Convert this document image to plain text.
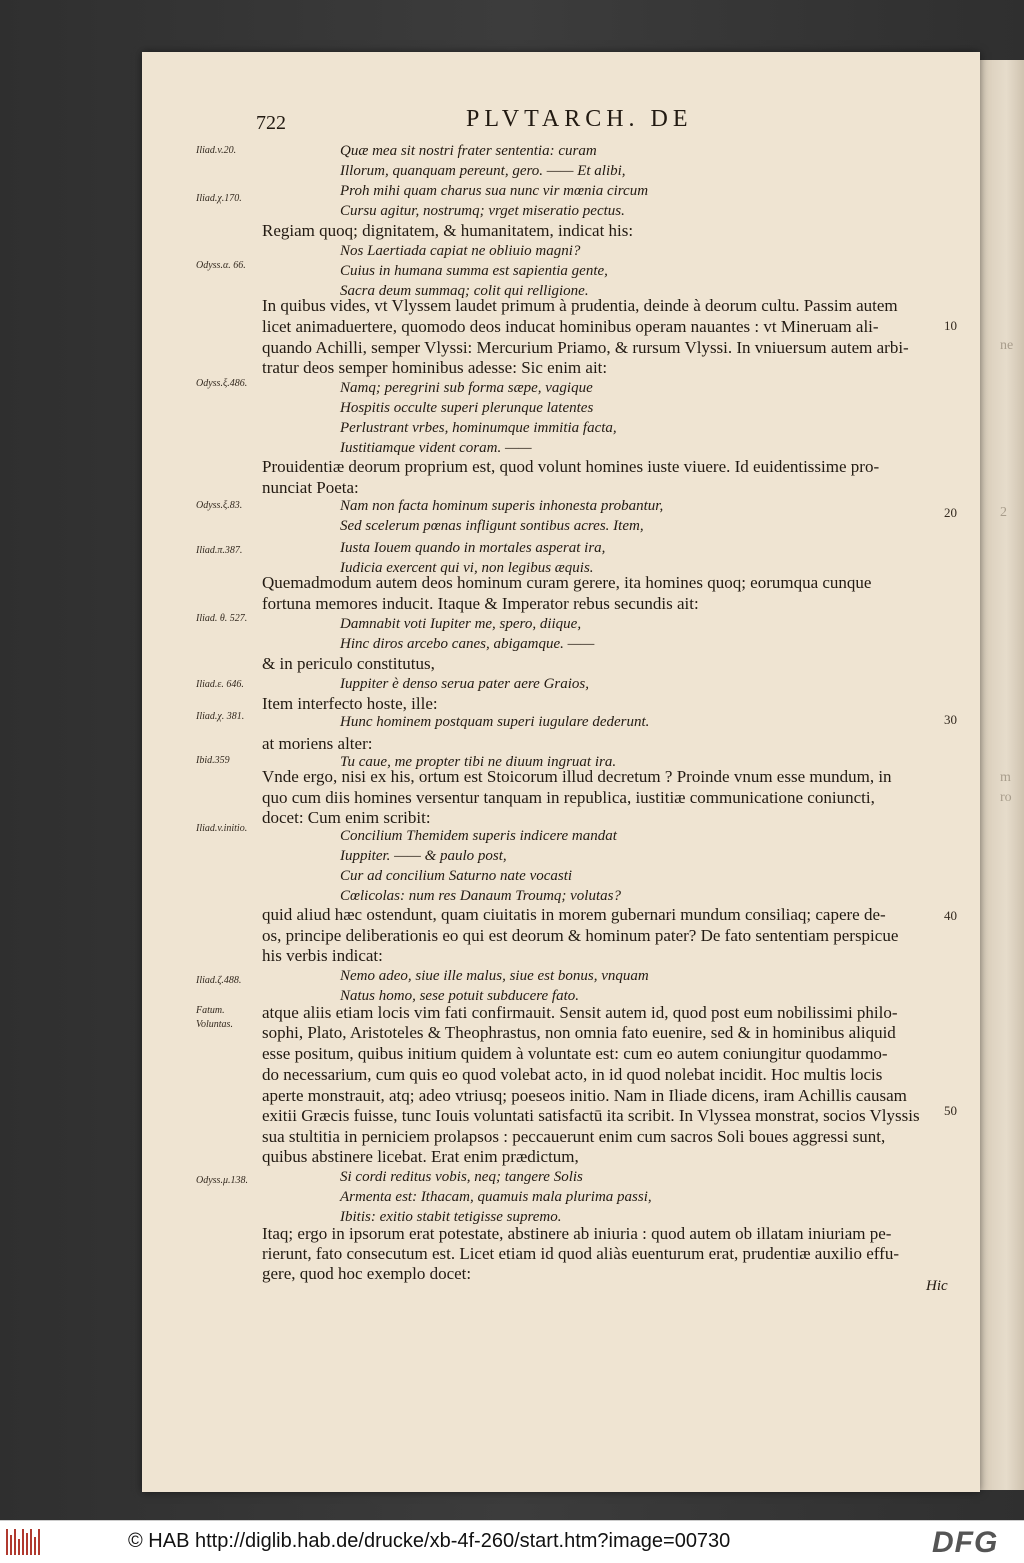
722	PLVTARCH. DE
Quæ mea sit nostri frater sententia: curam
Illorum, quanquam pereunt, gero. —— Et alibi,
Proh mihi quam charus sua nunc vir mœnia circum
Cursu agitur, nostrumq; vrget miseratio pectus.
Regiam quoq; dignitatem, & humanitatem, indicat his:
Nos Laertiada capiat ne obliuio magni?
Cuius in humana summa est sapientia gente,
Sacra deum summaq; colit qui relligione.
In quibus vides, vt Vlyssem laudet primum à prudentia, deinde à deorum cultu. Passim autem
licet animaduertere, quomodo deos inducat hominibus operam nauantes : vt Mineruam ali-
quando Achilli, semper Vlyssi: Mercurium Priamo, & rursum Vlyssi. In vniuersum autem arbi-
tratur deos semper hominibus adesse: Sic enim ait:
Namq; peregrini sub forma sæpe, vagique
Hospitis occulte superi plerunque latentes
Perlustrant vrbes, hominumque immitia facta,
Iustitiamque vident coram. ——
Prouidentiæ deorum proprium est, quod volunt homines iuste viuere. Id euidentissime pro-
nunciat Poeta:
Nam non facta hominum superis inhonesta probantur,
Sed scelerum pœnas infligunt sontibus acres. Item,
Iusta Iouem quando in mortales asperat ira,
Iudicia exercent qui vi, non legibus æquis.
Quemadmodum autem deos hominum curam gerere, ita homines quoq; eorumqua cunque
fortuna memores inducit. Itaque & Imperator rebus secundis ait:
Damnabit voti Iupiter me, spero, diique,
Hinc diros arcebo canes, abigamque. ——
& in periculo constitutus,
Iuppiter è denso serua pater aere Graios,
Item interfecto hoste, ille:
Hunc hominem postquam superi iugulare dederunt.
at moriens alter:
Tu caue, me propter tibi ne diuum ingruat ira.
Vnde ergo, nisi ex his, ortum est Stoicorum illud decretum ? Proinde vnum esse mundum, in
quo cum diis homines versentur tanquam in republica, iustitiæ communicatione coniuncti,
docet: Cum enim scribit:
Concilium Themidem superis indicere mandat
Iuppiter. —— & paulo post,
Cur ad concilium Saturno nate vocasti
Cœlicolas: num res Danaum Troumq; volutas?
quid aliud hæc ostendunt, quam ciuitatis in morem gubernari mundum consiliaq; capere de-
os, principe deliberationis eo qui est deorum & hominum pater? De fato sententiam perspicue
his verbis indicat:
Nemo adeo, siue ille malus, siue est bonus, vnquam
Natus homo, sese potuit subducere fato.
atque aliis etiam locis vim fati confirmauit. Sensit autem id, quod post eum nobilissimi philo-
sophi, Plato, Aristoteles & Theophrastus, non omnia fato euenire, sed & in hominibus aliquid
esse positum, quibus initium quidem à voluntate est: cum eo autem coniungitur quodammo-
do necessarium, cum quis eo quod volebat acto, in id quod nolebat incidit. Hoc multis locis
aperte monstrauit, atq; adeo vtriusq; poeseos initio. Nam in Iliade dicens, iram Achillis causam
exitii Græcis fuisse, tunc Iouis voluntati satisfactū ita scribit. In Vlyssea monstrat, socios Vlyssis
sua stultitia in perniciem prolapsos : peccauerunt enim cum sacros Soli boues aggressi sunt,
quibus abstinere licebat. Erat enim prædictum,
Si cordi reditus vobis, neq; tangere Solis
Armenta est: Ithacam, quamuis mala plurima passi,
Ibitis: exitio stabit tetigisse supremo.
Itaq; ergo in ipsorum erat potestate, abstinere ab iniuria : quod autem ob illatam iniuriam pe-
rierunt, fato consecutum est. Licet etiam id quod aliàs euenturum erat, prudentiæ auxilio effu-
gere, quod hoc exemplo docet:
Iliad.v.20.
Iliad.χ.170.
Odyss.α. 66.
Odyss.ξ.486.
Odyss.ξ.83.
Iliad.π.387.
Iliad. θ. 527.
Iliad.ε. 646.
Iliad.χ. 381.
Ibid.359
Iliad.v.initio.
Iliad.ζ.488.
Fatum.
Voluntas.
Odyss.μ.138.
10
20
30
40
50
ne
2
m
ro
Hic
© HAB http://diglib.hab.de/drucke/xb-4f-260/start.htm?image=00730	DFG
